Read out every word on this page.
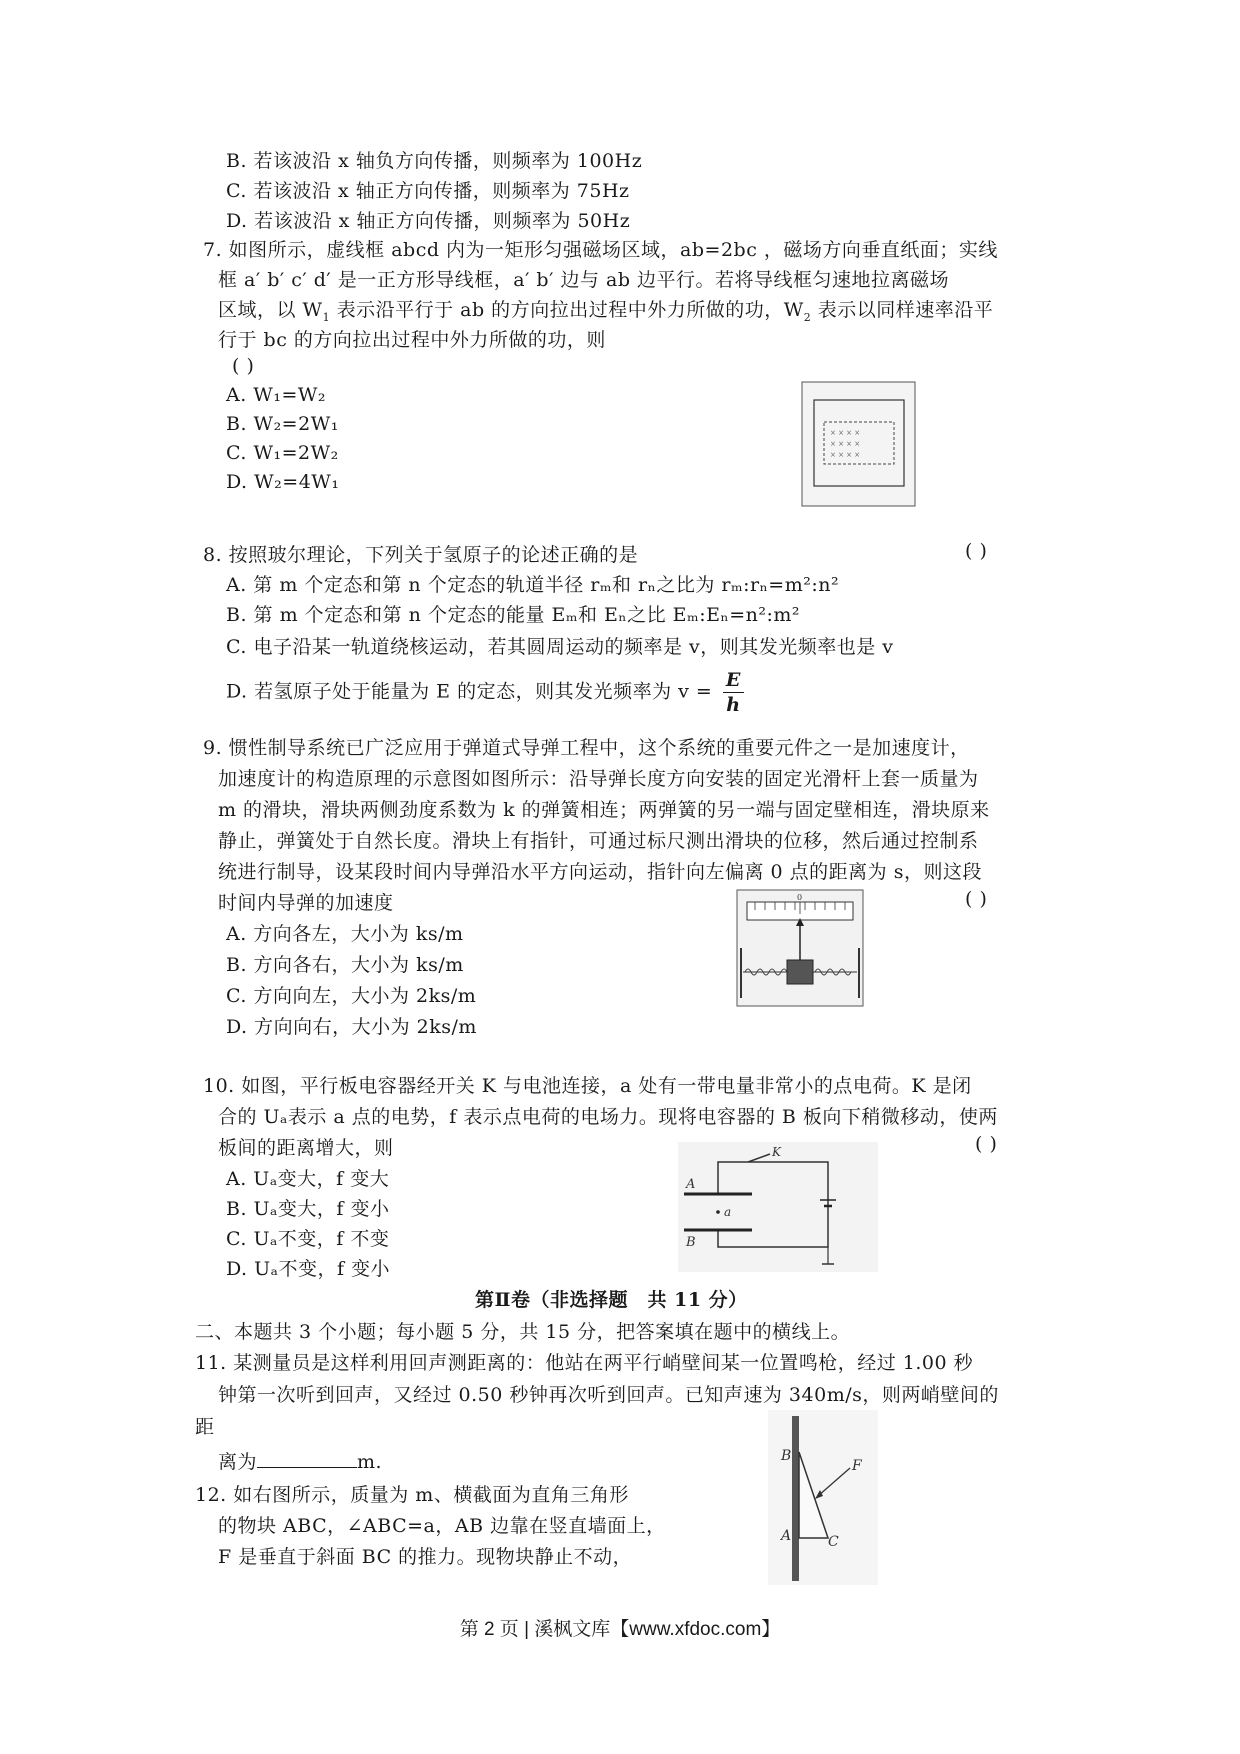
B. 若该波沿 x 轴负方向传播，则频率为 100Hz
C. 若该波沿 x 轴正方向传播，则频率为 75Hz
D. 若该波沿 x 轴正方向传播，则频率为 50Hz
7. 如图所示，虚线框 abcd 内为一矩形匀强磁场区域，ab=2bc ，磁场方向垂直纸面；实线
框 a′ b′ c′ d′ 是一正方形导线框，a′ b′ 边与 ab 边平行。若将导线框匀速地拉离磁场
区域，以 $W_1$ 表示沿平行于 ab 的方向拉出过程中外力所做的功，$W_2$ 表示以同样速率沿平
行于 bc 的方向拉出过程中外力所做的功，则
( )
A. W₁=W₂
B. W₂=2W₁
C. W₁=2W₂
D. W₂=4W₁
× × × ×
× × × ×
× × × ×
8. 按照玻尔理论，下列关于氢原子的论述正确的是	( )
A. 第 m 个定态和第 n 个定态的轨道半径 rₘ和 rₙ之比为 rₘ:rₙ=m²:n²
B. 第 m 个定态和第 n 个定态的能量 Eₘ和 Eₙ之比 Eₘ:Eₙ=n²:m²
C. 电子沿某一轨道绕核运动，若其圆周运动的频率是 v，则其发光频率也是 v
D. 若氢原子处于能量为 E 的定态，则其发光频率为 $v = \frac{E}{h}$
9. 惯性制导系统已广泛应用于弹道式导弹工程中，这个系统的重要元件之一是加速度计，
加速度计的构造原理的示意图如图所示：沿导弹长度方向安装的固定光滑杆上套一质量为
m 的滑块，滑块两侧劲度系数为 k 的弹簧相连；两弹簧的另一端与固定壁相连，滑块原来
静止，弹簧处于自然长度。滑块上有指针，可通过标尺测出滑块的位移，然后通过控制系
统进行制导，设某段时间内导弹沿水平方向运动，指针向左偏离 0 点的距离为 s，则这段
时间内导弹的加速度	( )
A. 方向各左，大小为 ks/m
B. 方向各右，大小为 ks/m
C. 方向向左，大小为 2ks/m
D. 方向向右，大小为 2ks/m
0
10. 如图，平行板电容器经开关 K 与电池连接，a 处有一带电量非常小的点电荷。K 是闭
合的 Uₐ表示 a 点的电势，f 表示点电荷的电场力。现将电容器的 B 板向下稍微移动，使两
板间的距离增大，则	( )
A. Uₐ变大，f 变大
B. Uₐ变大，f 变小
C. Uₐ不变，f 不变
D. Uₐ不变，f 变小
K
A
B
a
第Ⅱ卷（非选择题　共 11 分）
二、本题共 3 个小题；每小题 5 分，共 15 分，把答案填在题中的横线上。
11. 某测量员是这样利用回声测距离的：他站在两平行峭壁间某一位置鸣枪，经过 1.00 秒
钟第一次听到回声，又经过 0.50 秒钟再次听到回声。已知声速为 340m/s，则两峭壁间的
距
离为	m.
12. 如右图所示，质量为 m、横截面为直角三角形
的物块 ABC，∠ABC=a，AB 边靠在竖直墙面上，
F 是垂直于斜面 BC 的推力。现物块静止不动，
B
A	C
F
第 2 页 | 溪枫文库【www.xfdoc.com】
